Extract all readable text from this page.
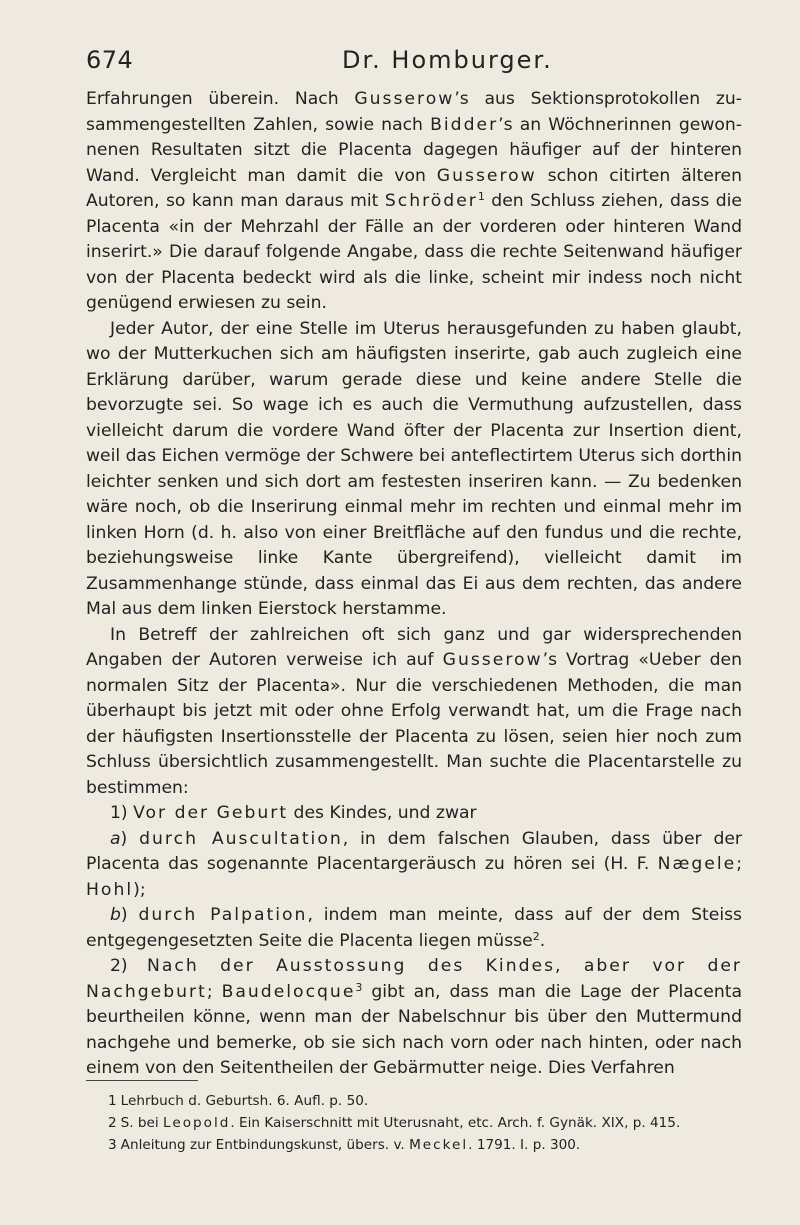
674	Dr. Homburger.

Erfahrungen überein. Nach Gusserow’s aus Sektionsprotokollen zusammengestellten Zahlen, sowie nach Bidder’s an Wöchnerinnen gewonnenen Resultaten sitzt die Placenta dagegen häufiger auf der hinteren Wand. Vergleicht man damit die von Gusserow schon citirten älteren Autoren, so kann man daraus mit Schröder$^1$ den Schluss ziehen, dass die Placenta «in der Mehrzahl der Fälle an der vorderen oder hinteren Wand inserirt.» Die darauf folgende Angabe, dass die rechte Seitenwand häufiger von der Placenta bedeckt wird als die linke, scheint mir indess noch nicht genügend erwiesen zu sein.

Jeder Autor, der eine Stelle im Uterus herausgefunden zu haben glaubt, wo der Mutterkuchen sich am häufigsten inserirte, gab auch zugleich eine Erklärung darüber, warum gerade diese und keine andere Stelle die bevorzugte sei. So wage ich es auch die Vermuthung aufzustellen, dass vielleicht darum die vordere Wand öfter der Placenta zur Insertion dient, weil das Eichen vermöge der Schwere bei anteflectirtem Uterus sich dorthin leichter senken und sich dort am festesten inseriren kann. — Zu bedenken wäre noch, ob die Inserirung einmal mehr im rechten und einmal mehr im linken Horn (d. h. also von einer Breitfläche auf den fundus und die rechte, beziehungsweise linke Kante übergreifend), vielleicht damit im Zusammenhange stünde, dass einmal das Ei aus dem rechten, das andere Mal aus dem linken Eierstock herstamme.

In Betreff der zahlreichen oft sich ganz und gar widersprechenden Angaben der Autoren verweise ich auf Gusserow’s Vortrag «Ueber den normalen Sitz der Placenta». Nur die verschiedenen Methoden, die man überhaupt bis jetzt mit oder ohne Erfolg verwandt hat, um die Frage nach der häufigsten Insertionsstelle der Placenta zu lösen, seien hier noch zum Schluss übersichtlich zusammengestellt. Man suchte die Placentarstelle zu bestimmen:

1) Vor der Geburt des Kindes, und zwar

a) durch Auscultation, in dem falschen Glauben, dass über der Placenta das sogenannte Placentargeräusch zu hören sei (H. F. Nægele; Hohl);

b) durch Palpation, indem man meinte, dass auf der dem Steiss entgegengesetzten Seite die Placenta liegen müsse$^2$.

2) Nach der Ausstossung des Kindes, aber vor der Nachgeburt; Baudelocque$^3$ gibt an, dass man die Lage der Placenta beurtheilen könne, wenn man der Nabelschnur bis über den Muttermund nachgehe und bemerke, ob sie sich nach vorn oder nach hinten, oder nach einem von den Seitentheilen der Gebärmutter neige. Dies Verfahren

1 Lehrbuch d. Geburtsh. 6. Aufl. p. 50.

2 S. bei Leopold. Ein Kaiserschnitt mit Uterusnaht, etc. Arch. f. Gynäk. XIX, p. 415.

3 Anleitung zur Entbindungskunst, übers. v. Meckel. 1791. I. p. 300.
